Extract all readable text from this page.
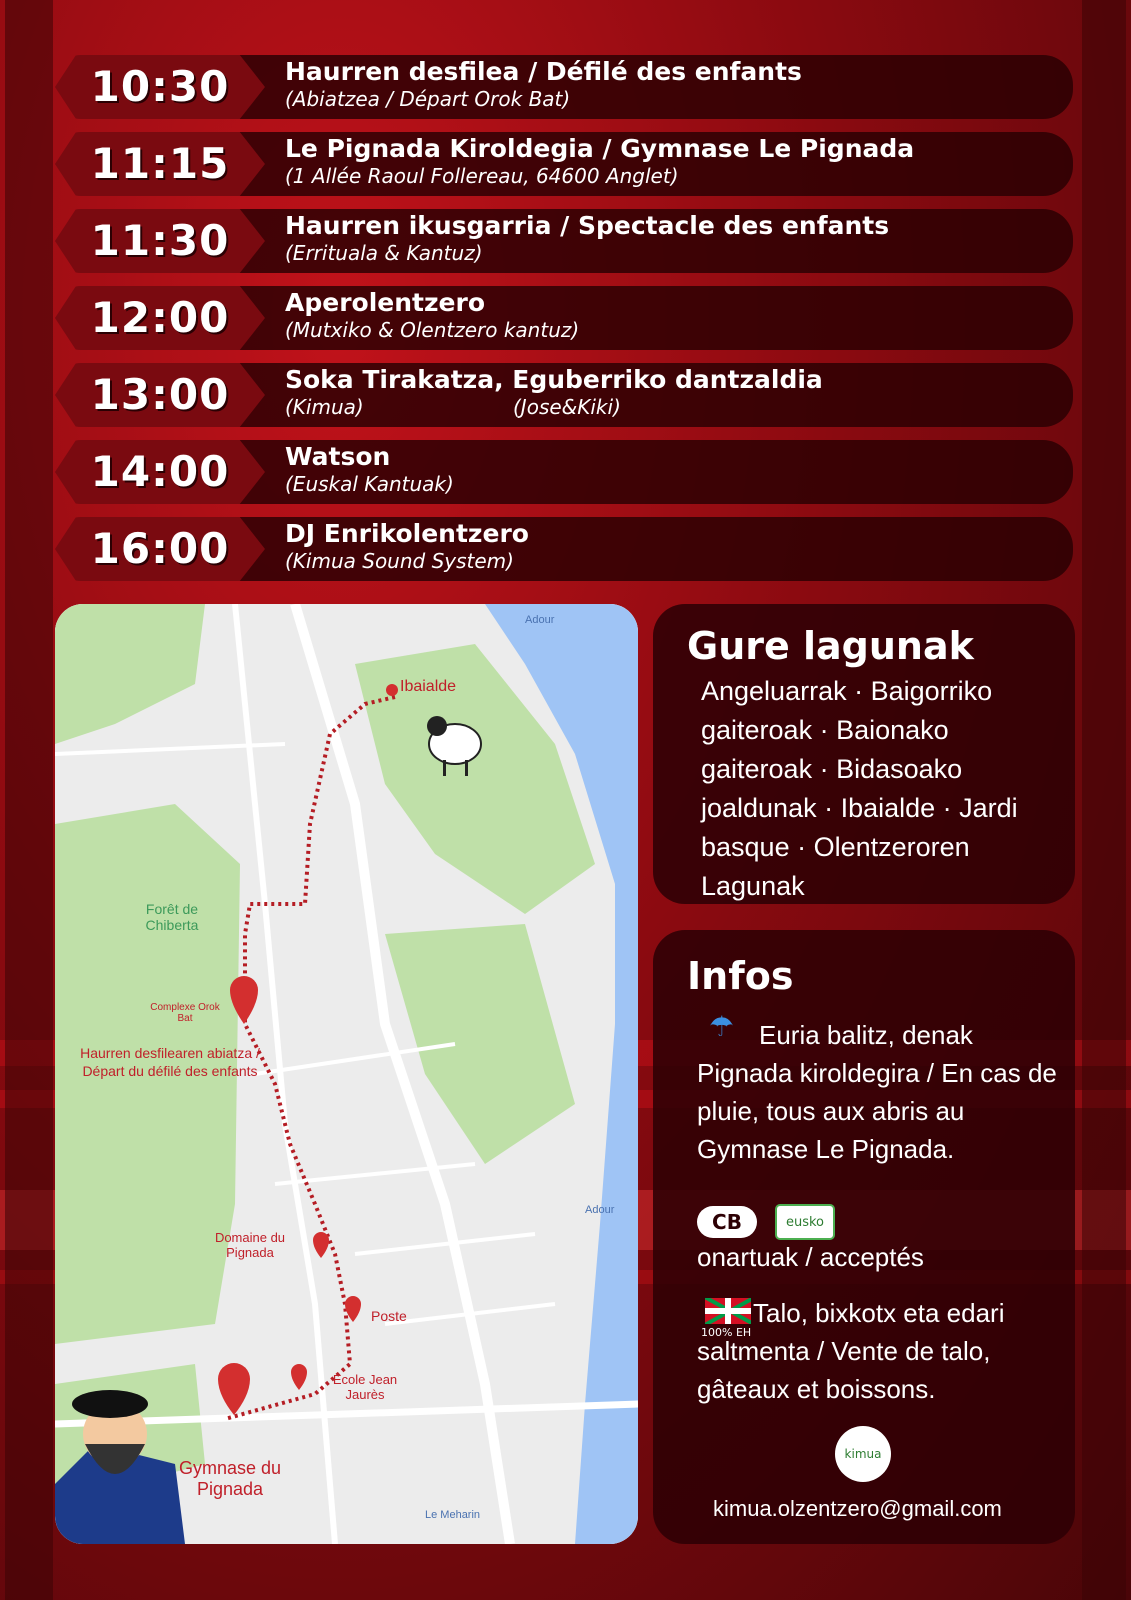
10:30	Haurren desfilea / Défilé des enfants
(Abiatzea / Départ Orok Bat)
11:15	Le Pignada Kiroldegia / Gymnase Le Pignada
(1 Allée Raoul Follereau, 64600 Anglet)
11:30	Haurren ikusgarria / Spectacle des enfants
(Errituala & Kantuz)
12:00	Aperolentzero
(Mutxiko & Olentzero kantuz)
13:00	Soka Tirakatza, Eguberriko dantzaldia
(Kimua)	(Jose&Kiki)
14:00	Watson
(Euskal Kantuak)
16:00	DJ Enrikolentzero
(Kimua Sound System)
Ibaialde
Forêt de Chiberta
Complexe Orok Bat
Haurren desfilearen abiatza / Départ du défilé des enfants
Domaine du Pignada
Poste
Ecole Jean Jaurès
Gymnase du Pignada
Adour
Adour
Le Meharin
Gure lagunak
Angeluarrak · Baigorriko gaiteroak · Baionako gaiteroak · Bidasoako joaldunak · Ibaialde · Jardi basque · Olentzeroren Lagunak
Infos
☂ Euria balitz, denak Pignada kiroldegira / En cas de pluie, tous aux abris au Gymnase Le Pignada.
CB	eusko
onartuak / acceptés
100% EH
Talo, bixkotx eta edari saltmenta / Vente de talo, gâteaux et boissons.
kimua
kimua.olzentzero@gmail.com
